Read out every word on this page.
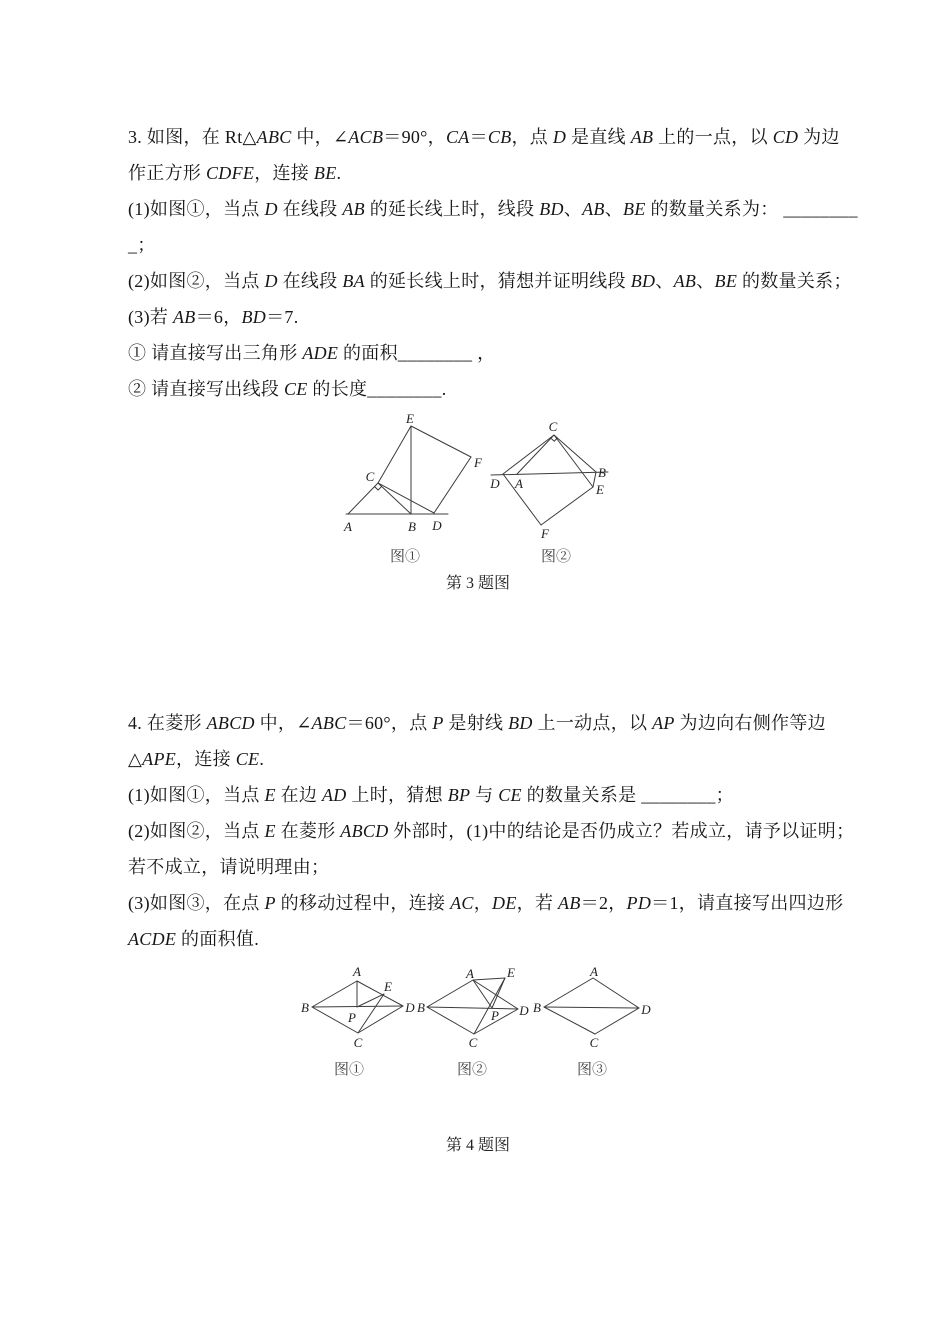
3. 如图，在 Rt△ABC 中，∠ACB＝90°，CA＝CB，点 D 是直线 AB 上的一点，以 CD 为边

作正方形 CDFE，连接 BE.

(1)如图①，当点 D 在线段 AB 的延长线上时，线段 BD、AB、BE 的数量关系为： ________

_；

(2)如图②，当点 D 在线段 BA 的延长线上时，猜想并证明线段 BD、AB、BE 的数量关系；

(3)若 AB＝6，BD＝7.

① 请直接写出三角形 ADE 的面积________ ，

② 请直接写出线段 CE 的长度________.

A	B D
C
E
F
C
D A
B
E
F
图①	图②
第 3 题图

4. 在菱形 ABCD 中，∠ABC＝60°，点 P 是射线 BD 上一动点，以 AP 为边向右侧作等边

△APE，连接 CE.

(1)如图①，当点 E 在边 AD 上时，猜想 BP 与 CE 的数量关系是 ________；

(2)如图②，当点 E 在菱形 ABCD 外部时，(1)中的结论是否仍成立？若成立，请予以证明；

若不成立，请说明理由；

(3)如图③，在点 P 的移动过程中，连接 AC，DE，若 AB＝2，PD＝1，请直接写出四边形

ACDE 的面积值.

A
B	D
C
P
E
A	E
B	D
P
C
A
B	D
C
图①	图②	图③
第 4 题图
